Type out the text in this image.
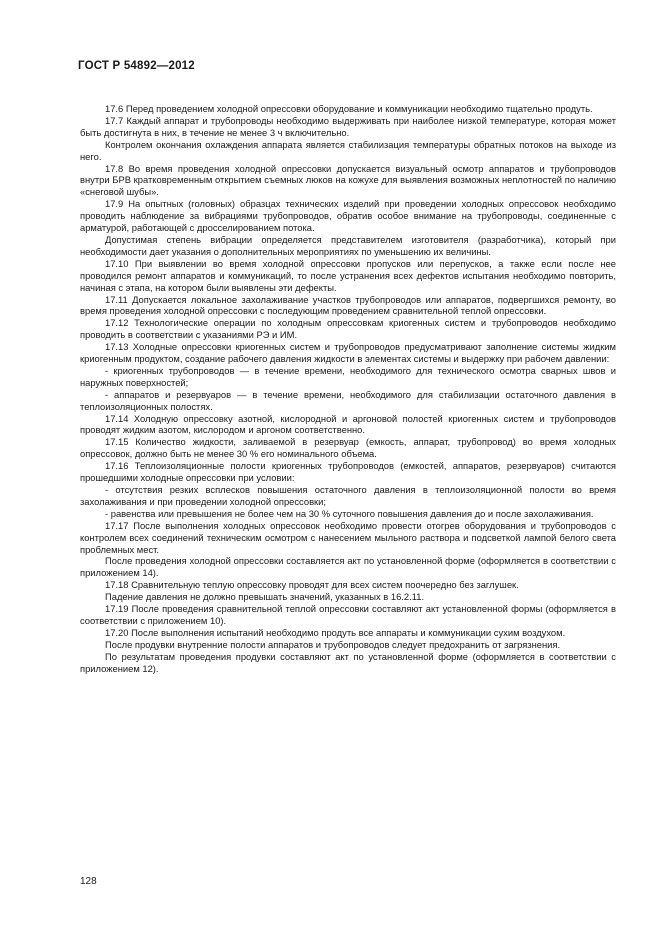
ГОСТ Р 54892—2012

17.6 Перед проведением холодной опрессовки оборудование и коммуникации необходимо тщательно продуть.

17.7 Каждый аппарат и трубопроводы необходимо выдерживать при наиболее низкой температуре, которая может быть достигнута в них, в течение не менее 3 ч включительно.

Контролем окончания охлаждения аппарата является стабилизация температуры обратных потоков на выходе из него.

17.8 Во время проведения холодной опрессовки допускается визуальный осмотр аппаратов и трубопроводов внутри БРВ кратковременным открытием съемных люков на кожухе для выявления возможных неплотностей по наличию «снеговой шубы».

17.9 На опытных (головных) образцах технических изделий при проведении холодных опрессовок необходимо проводить наблюдение за вибрациями трубопроводов, обратив особое внимание на трубопроводы, соединенные с арматурой, работающей с дросселированием потока.

Допустимая степень вибрации определяется представителем изготовителя (разработчика), который при необходимости дает указания о дополнительных мероприятиях по уменьшению их величины.

17.10 При выявлении во время холодной опрессовки пропусков или перепусков, а также если после нее проводился ремонт аппаратов и коммуникаций, то после устранения всех дефектов испытания необходимо повторить, начиная с этапа, на котором были выявлены эти дефекты.

17.11 Допускается локальное захолаживание участков трубопроводов или аппаратов, подвергшихся ремонту, во время проведения холодной опрессовки с последующим проведением сравнительной теплой опрессовки.

17.12 Технологические операции по холодным опрессовкам криогенных систем и трубопроводов необходимо проводить в соответствии с указаниями РЭ и ИМ.

17.13 Холодные опрессовки криогенных систем и трубопроводов предусматривают заполнение системы жидким криогенным продуктом, создание рабочего давления жидкости в элементах системы и выдержку при рабочем давлении:

- криогенных трубопроводов — в течение времени, необходимого для технического осмотра сварных швов и наружных поверхностей;

- аппаратов и резервуаров — в течение времени, необходимого для стабилизации остаточного давления в теплоизоляционных полостях.

17.14 Холодную опрессовку азотной, кислородной и аргоновой полостей криогенных систем и трубопроводов проводят жидким азотом, кислородом и аргоном соответственно.

17.15 Количество жидкости, заливаемой в резервуар (емкость, аппарат, трубопровод) во время холодных опрессовок, должно быть не менее 30 % его номинального объема.

17.16 Теплоизоляционные полости криогенных трубопроводов (емкостей, аппаратов, резервуаров) считаются прошедшими холодные опрессовки при условии:

- отсутствия резких всплесков повышения остаточного давления в теплоизоляционной полости во время захолаживания и при проведении холодной опрессовки;

- равенства или превышения не более чем на 30 % суточного повышения давления до и после захолаживания.

17.17 После выполнения холодных опрессовок необходимо провести отогрев оборудования и трубопроводов с контролем всех соединений техническим осмотром с нанесением мыльного раствора и подсветкой лампой белого света проблемных мест.

После проведения холодной опрессовки составляется акт по установленной форме (оформляется в соответствии с приложением 14).

17.18 Сравнительную теплую опрессовку проводят для всех систем поочередно без заглушек.

Падение давления не должно превышать значений, указанных в 16.2.11.

17.19 После проведения сравнительной теплой опрессовки составляют акт установленной формы (оформляется в соответствии с приложением 10).

17.20 После выполнения испытаний необходимо продуть все аппараты и коммуникации сухим воздухом.

После продувки внутренние полости аппаратов и трубопроводов следует предохранить от загрязнения.

По результатам проведения продувки составляют акт по установленной форме (оформляется в соответствии с приложением 12).

128
